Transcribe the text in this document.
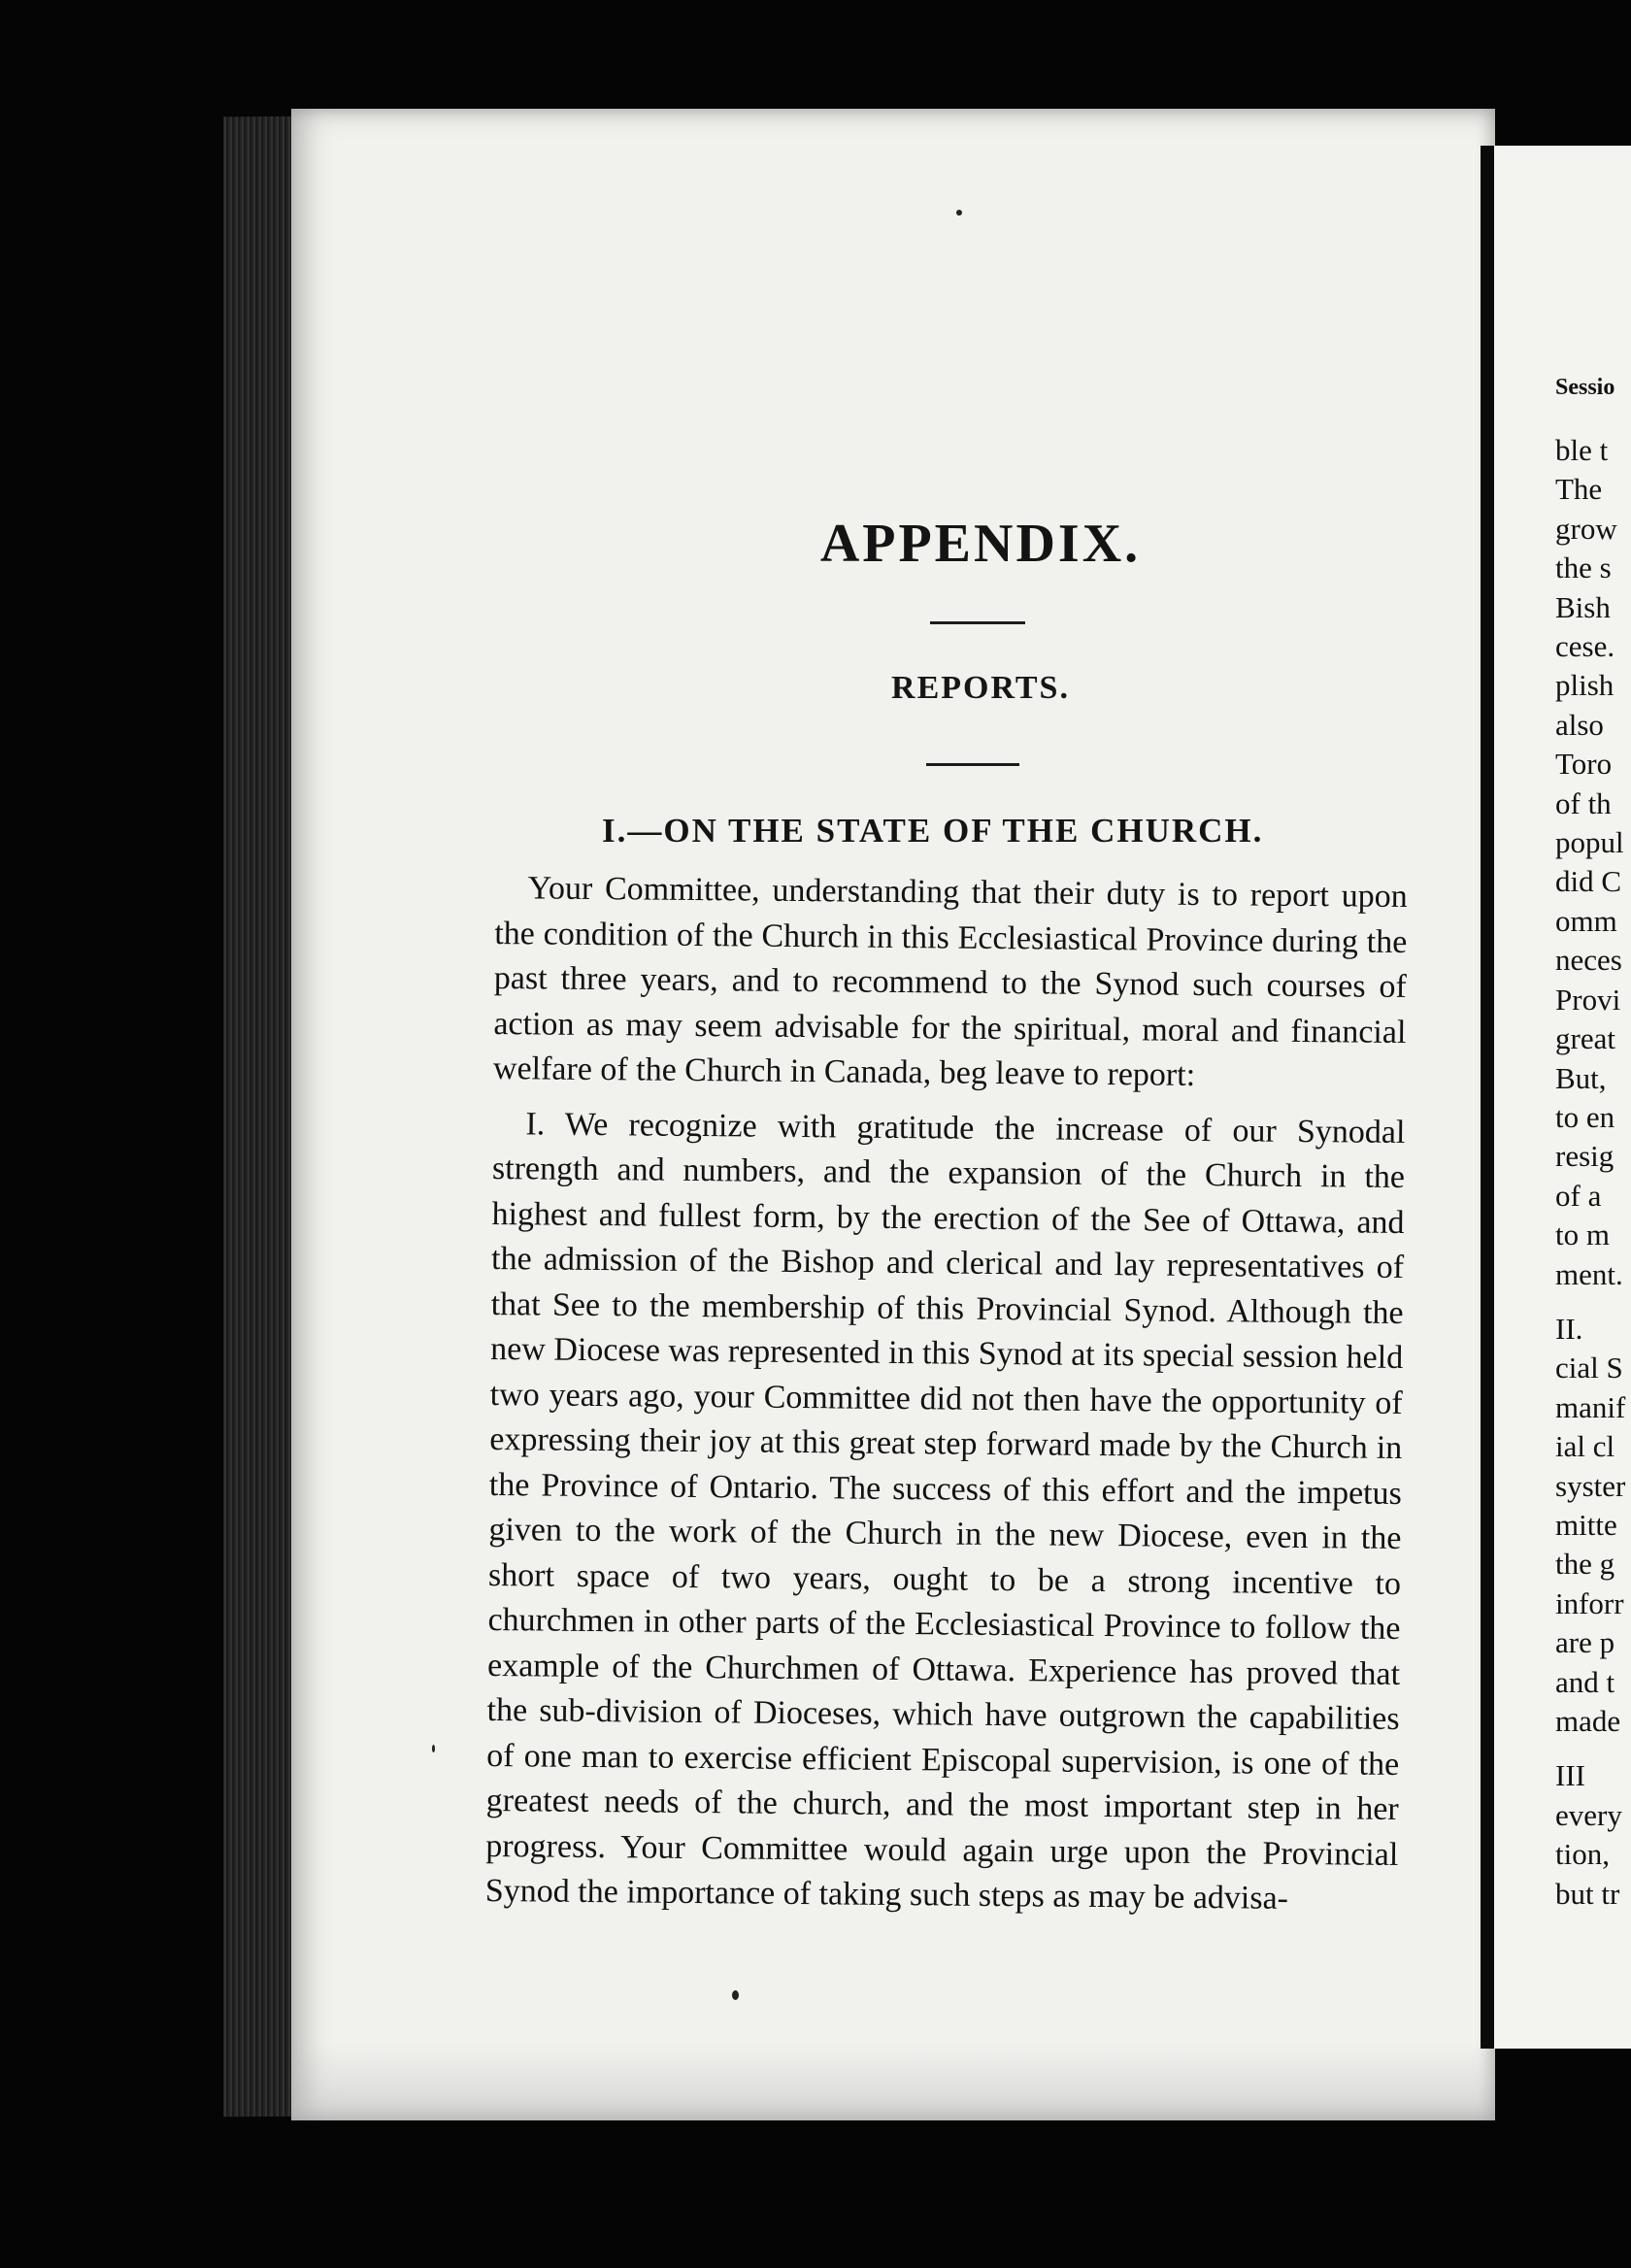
APPENDIX.
REPORTS.
I.—ON THE STATE OF THE CHURCH.

Your Committee, understanding that their duty is to report upon the condition of the Church in this Ecclesiastical Province during the past three years, and to recommend to the Synod such courses of action as may seem advisable for the spiritual, moral and financial welfare of the Church in Canada, beg leave to report:

I. We recognize with gratitude the increase of our Synodal strength and numbers, and the expansion of the Church in the highest and fullest form, by the erection of the See of Ottawa, and the admission of the Bishop and clerical and lay representatives of that See to the membership of this Provincial Synod. Although the new Diocese was represented in this Synod at its special session held two years ago, your Committee did not then have the opportunity of expressing their joy at this great step forward made by the Church in the Province of Ontario. The success of this effort and the impetus given to the work of the Church in the new Diocese, even in the short space of two years, ought to be a strong incentive to churchmen in other parts of the Ecclesiastical Province to follow the example of the Churchmen of Ottawa. Experience has proved that the sub-division of Dioceses, which have outgrown the capabilities of one man to exercise efficient Episcopal supervision, is one of the greatest needs of the church, and the most important step in her progress. Your Committee would again urge upon the Provincial Synod the importance of taking such steps as may be advisa-

Sessio
ble t
The
grow
the s
Bish
cese.
plish
also
Toro
of th
popul
did C
omm
neces
Provi
great
But,
to en
resig
of a
to m
ment.
II.
cial S
manif
ial cl
syster
mitte
the g
inforr
are p
and t
made
III
every
tion,
but tr
